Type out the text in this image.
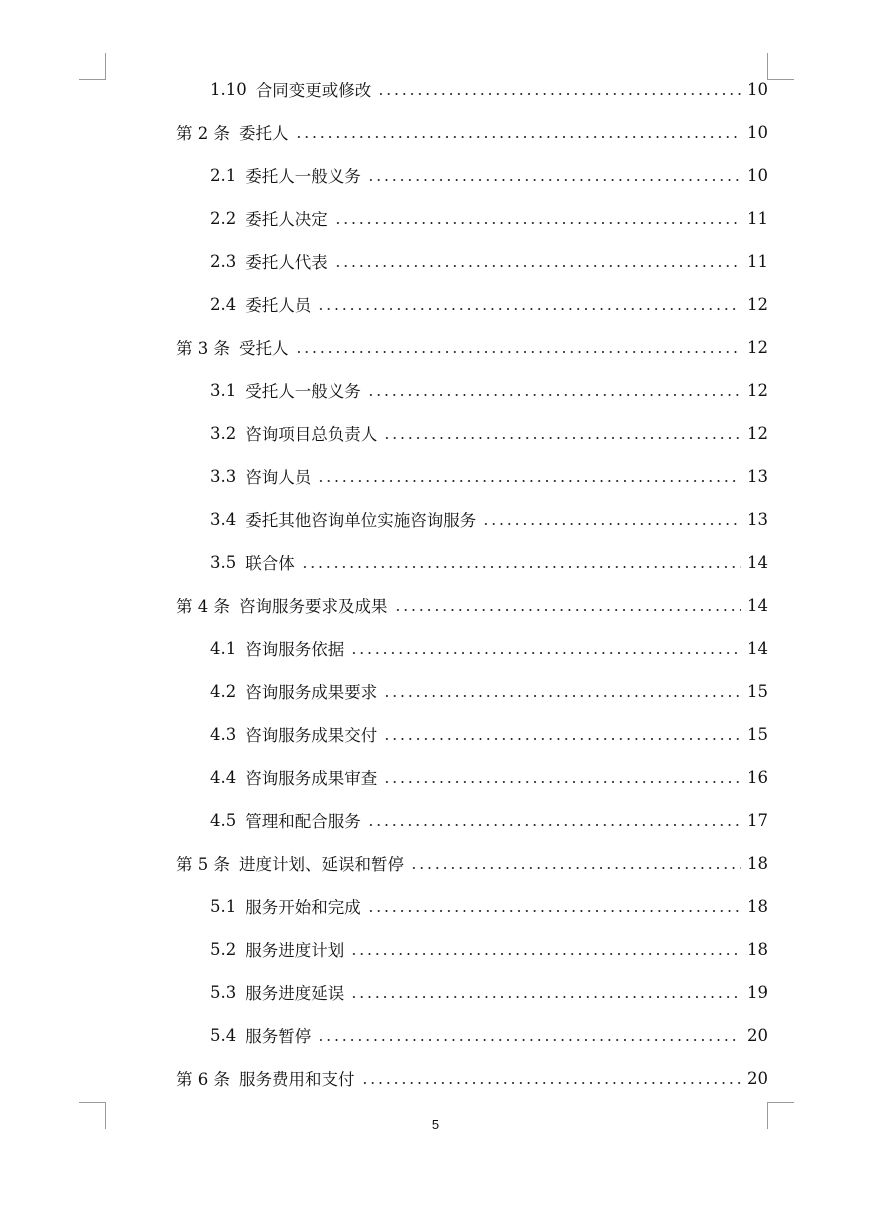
1.10 合同变更或修改	10
第 2 条 委托人	10
2.1 委托人一般义务	10
2.2 委托人决定	11
2.3 委托人代表	11
2.4 委托人员	12
第 3 条 受托人	12
3.1 受托人一般义务	12
3.2 咨询项目总负责人	12
3.3 咨询人员	13
3.4 委托其他咨询单位实施咨询服务	13
3.5 联合体	14
第 4 条 咨询服务要求及成果	14
4.1 咨询服务依据	14
4.2 咨询服务成果要求	15
4.3 咨询服务成果交付	15
4.4 咨询服务成果审查	16
4.5 管理和配合服务	17
第 5 条 进度计划、延误和暂停	18
5.1 服务开始和完成	18
5.2 服务进度计划	18
5.3 服务进度延误	19
5.4 服务暂停	20
第 6 条 服务费用和支付	20
5
